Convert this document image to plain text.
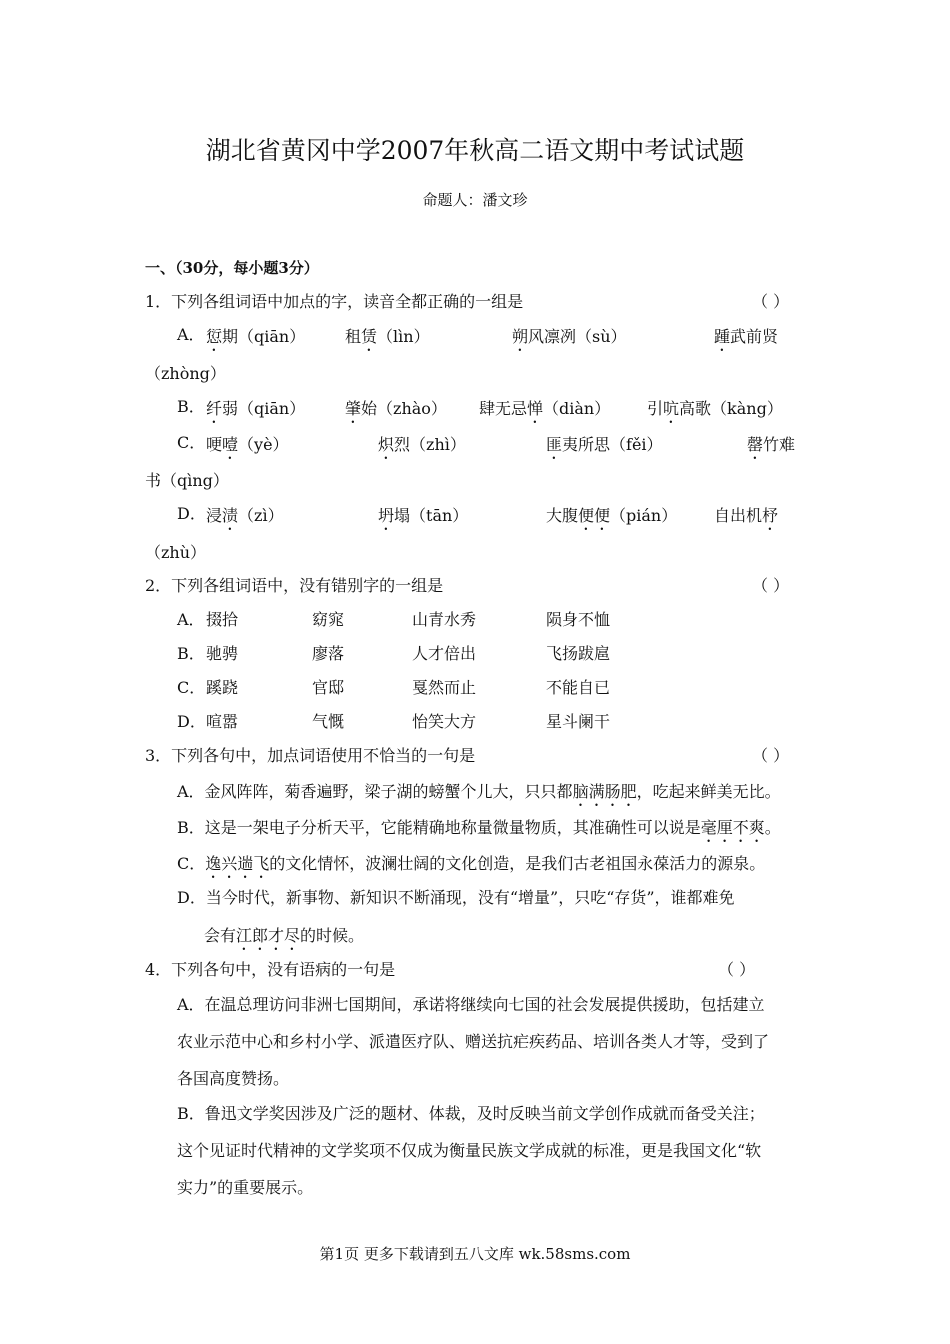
湖北省黄冈中学2007年秋高二语文期中考试试题
命题人：潘文珍
一、（30分，每小题3分）
1．下列各组词语中加点的字，读音全都正确的一组是	（ ）
A． 愆期（qiān） 租赁（lìn）	朔风凛冽（sù）	踵武前贤
（zhòng）
B． 纤弱（qiān） 肇始（zhào） 肆无忌惮（diàn） 引吭高歌（kàng）
C． 哽噎（yè）	炽烈（zhì）	匪夷所思（fěi）	罄竹难
书（qìng）
D． 浸渍（zì）	坍塌（tān）	大腹便便（pián） 自出机杼
（zhù）
2．下列各组词语中，没有错别字的一组是	（ ）
A． 掇拾	窈窕	山青水秀	陨身不恤
B． 驰骋	廖落	人才倍出	飞扬跋扈
C． 蹊跷	官邸	戛然而止	不能自已
D． 喧嚣	气慨	怡笑大方	星斗阑干
3．下列各句中，加点词语使用不恰当的一句是	（ ）
A．金风阵阵，菊香遍野，梁子湖的螃蟹个儿大，只只都脑满肠肥，吃起来鲜美无比。
B．这是一架电子分析天平，它能精确地称量微量物质，其准确性可以说是毫厘不爽。
C．逸兴遄飞的文化情怀，波澜壮阔的文化创造，是我们古老祖国永葆活力的源泉。
D．当今时代，新事物、新知识不断涌现，没有“增量”，只吃“存货”，谁都难免
会有江郎才尽的时候。
4．下列各句中，没有语病的一句是	（ ）
A．在温总理访问非洲七国期间，承诺将继续向七国的社会发展提供援助，包括建立
农业示范中心和乡村小学、派遣医疗队、赠送抗疟疾药品、培训各类人才等，受到了
各国高度赞扬。
B．鲁迅文学奖因涉及广泛的题材、体裁，及时反映当前文学创作成就而备受关注；
这个见证时代精神的文学奖项不仅成为衡量民族文学成就的标准，更是我国文化“软
实力”的重要展示。
第1页 更多下载请到五八文库 wk.58sms.com
